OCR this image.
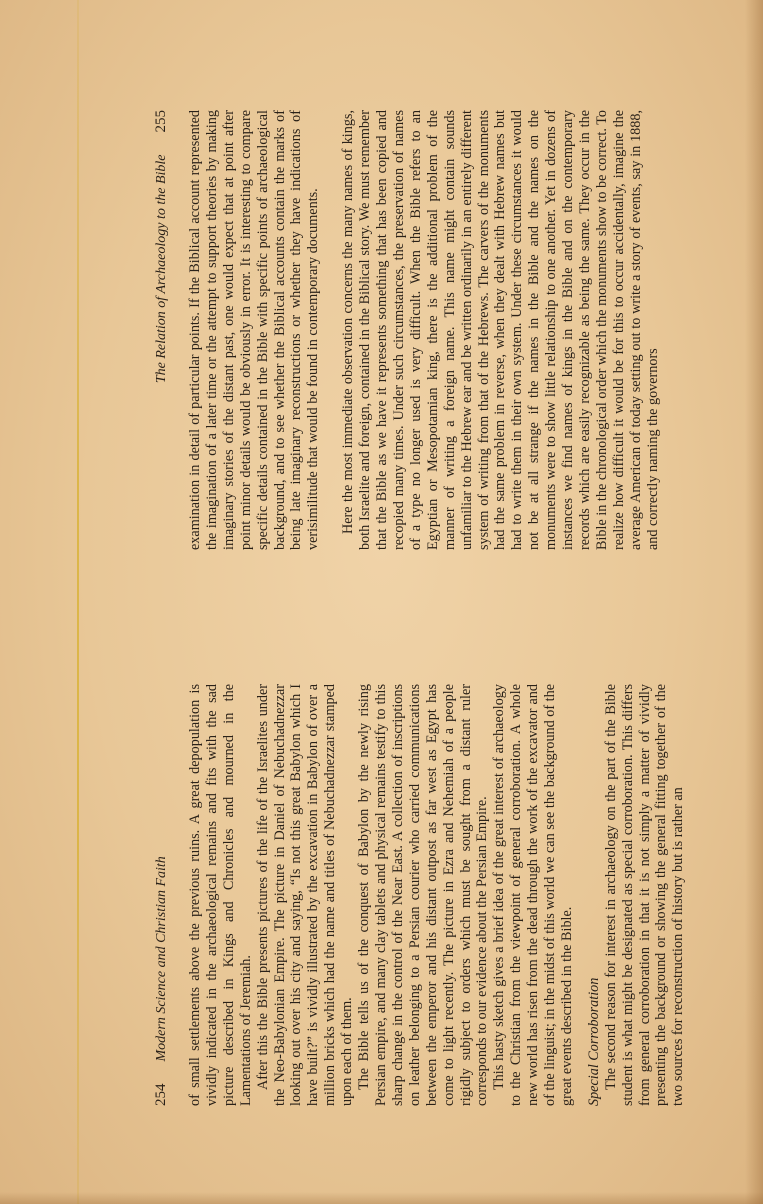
254
Modern Science and Christian Faith of small settlements above the previous ruins. A great depopulation is vividly indicated in the archaeological remains and fits with the sad picture described in Kings and Chronicles and mourned in the Lamentations of Jeremiah. After this the Bible presents pictures of the life of the Israelites under the Neo-Babylonian Empire. The picture in Daniel of Nebuchadnezzar looking out over his city and saying, “Is not this great Babylon which I have built?” is vividly illustrated by the excavation in Babylon of over a million bricks which had the name and titles of Nebuchadnezzar stamped upon each of them. The Bible tells us of the conquest of Babylon by the newly rising Persian empire, and many clay tablets and physical remains testify to this sharp change in the control of the Near East. A collection of inscriptions on leather belonging to a Persian courier who carried communications between the emperor and his distant outpost as far west as Egypt has come to light recently. The picture in Ezra and Nehemiah of a people rigidly subject to orders which must be sought from a distant ruler corresponds to our evidence about the Persian Empire. This hasty sketch gives a brief idea of the great interest of archaeology to the Christian from the viewpoint of general corroboration. A whole new world has risen from the dead through the work of the excavator and of the linguist; in the midst of this world we can see the background of the great events described in the Bible. Special Corroboration The second reason for interest in archaeology on the part of the Bible student is what might be designated as special corroboration. This differs from general corroboration in that it is not simply a matter of vividly presenting the background or showing the general fitting together of the two sources for reconstruction of history but is rather an

The Relation of Archaeology to the Bible
255 examination in detail of particular points. If the Biblical account represented the imagination of a later time or the attempt to support theories by making imaginary stories of the distant past, one would expect that at point after point minor details would be obviously in error. It is interesting to compare specific details contained in the Bible with specific points of archaeological background, and to see whether the Biblical accounts contain the marks of being late imaginary reconstructions or whether they have indications of verisimilitude that would be found in contemporary documents. Here the most immediate observation concerns the many names of kings, both Israelite and foreign, contained in the Biblical story. We must remember that the Bible as we have it represents something that has been copied and recopied many times. Under such circumstances, the preservation of names of a type no longer used is very difficult. When the Bible refers to an Egyptian or Mesopotamian king, there is the additional problem of the manner of writing a foreign name. This name might contain sounds unfamiliar to the Hebrew ear and be written ordinarily in an entirely different system of writing from that of the Hebrews. The carvers of the monuments had the same problem in reverse, when they dealt with Hebrew names but had to write them in their own system. Under these circumstances it would not be at all strange if the names in the Bible and the names on the monuments were to show little relationship to one another. Yet in dozens of instances we find names of kings in the Bible and on the contemporary records which are easily recognizable as being the same. They occur in the Bible in the chronological order which the monuments show to be correct. To realize how difficult it would be for this to occur accidentally, imagine the average American of today setting out to write a story of events, say in 1888, and correctly naming the governors
